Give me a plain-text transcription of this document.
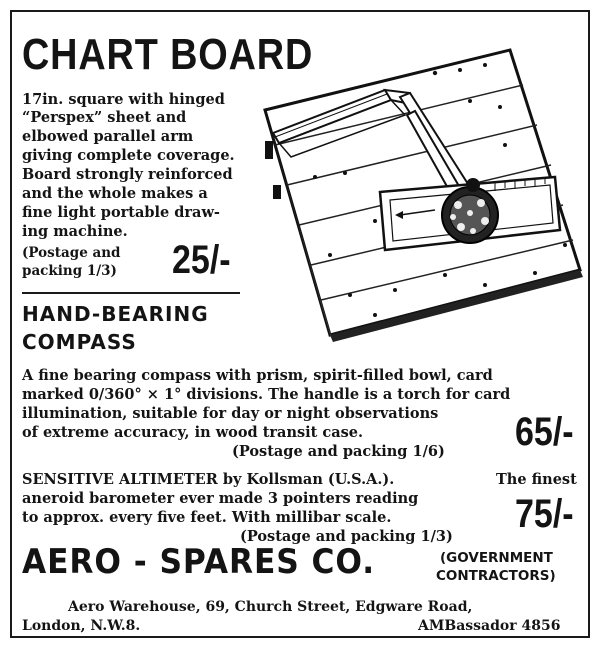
CHART BOARD
17in. square with hinged
“Perspex” sheet and
elbowed parallel arm
giving complete coverage.
Board strongly reinforced
and the whole makes a
fine light portable draw-
ing machine.
(Postage and
packing 1/3) 25/-
HAND-BEARING
COMPASS
A fine bearing compass with prism, spirit-filled bowl, card
marked 0/360° × 1° divisions. The handle is a torch for card
illumination, suitable for day or night observations
of extreme accuracy, in wood transit case.
(Postage and packing 1/6) 65/-
SENSITIVE ALTIMETER by Kollsman (U.S.A.).	The finest
aneroid barometer ever made 3 pointers reading
to approx. every five feet. With millibar scale.
(Postage and packing 1/3)
75/-
AERO - SPARES CO.	(GOVERNMENT
CONTRACTORS)
Aero Warehouse, 69, Church Street, Edgware Road,
London, N.W.8.	AMBassador 4856
